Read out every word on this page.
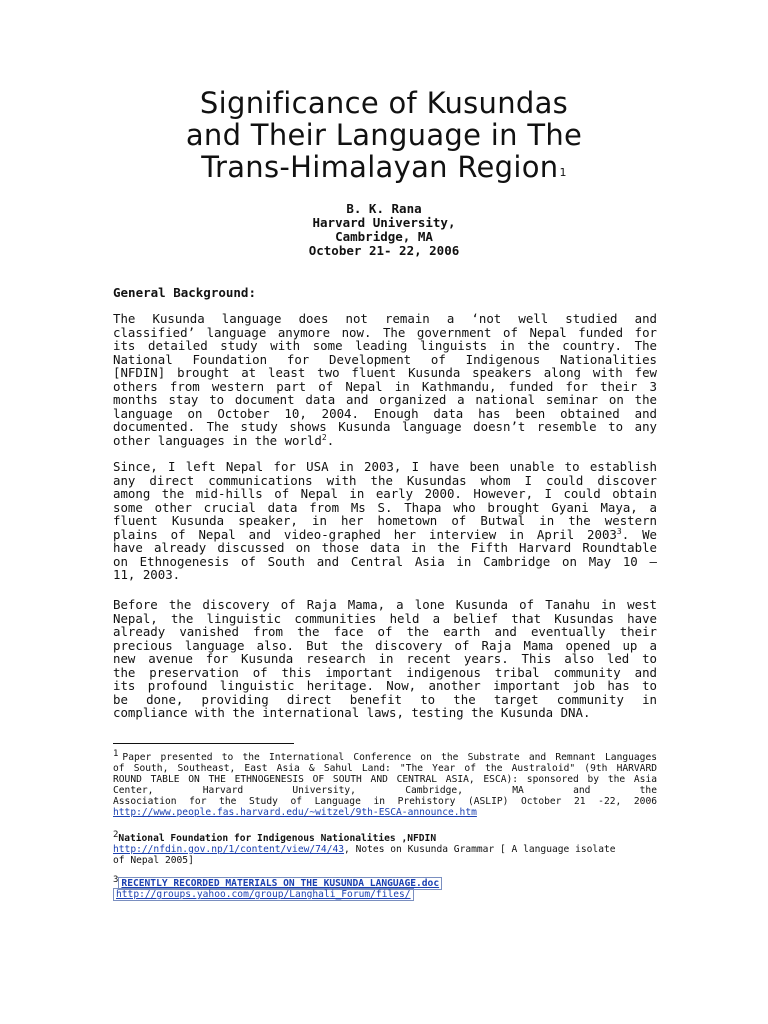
Significance of Kusundas
and Their Language in The
Trans-Himalayan Region$^1$
B. K. Rana
Harvard University,
Cambridge, MA
October 21- 22, 2006
General Background:
The Kusunda language does not remain a ‘not well studied and
classified’ language anymore now. The government of Nepal funded for
its detailed study with some leading linguists in the country. The
National Foundation for Development of Indigenous Nationalities
[NFDIN] brought at least two fluent Kusunda speakers along with few
others from western part of Nepal in Kathmandu, funded for their 3
months stay to document data and organized a national seminar on the
language on October 10, 2004. Enough data has been obtained and
documented. The study shows Kusunda language doesn’t resemble to any
other languages in the world$^2$.
Since, I left Nepal for USA in 2003, I have been unable to establish
any direct communications with the Kusundas whom I could discover
among the mid-hills of Nepal in early 2000. However, I could obtain
some other crucial data from Ms S. Thapa who brought Gyani Maya, a
fluent Kusunda speaker, in her hometown of Butwal in the western
plains of Nepal and video-graphed her interview in April 2003$^3$. We
have already discussed on those data in the Fifth Harvard Roundtable
on Ethnogenesis of South and Central Asia in Cambridge on May 10 –
11, 2003.
Before the discovery of Raja Mama, a lone Kusunda of Tanahu in west
Nepal, the linguistic communities held a belief that Kusundas have
already vanished from the face of the earth and eventually their
precious language also. But the discovery of Raja Mama opened up a
new avenue for Kusunda research in recent years. This also led to
the preservation of this important indigenous tribal community and
its profound linguistic heritage. Now, another important job has to
be done, providing direct benefit to the target community in
compliance with the international laws, testing the Kusunda DNA.
1 Paper presented to the International Conference on the Substrate and Remnant Languages
of South, Southeast, East Asia & Sahul Land: "The Year of the Australoid" (9th HARVARD
ROUND TABLE ON THE ETHNOGENESIS OF SOUTH AND CENTRAL ASIA, ESCA): sponsored by the Asia
Center, Harvard University, Cambridge, MA and the
Association for the Study of Language in Prehistory (ASLIP) October 21 -22, 2006
http://www.people.fas.harvard.edu/~witzel/9th-ESCA-announce.htm
2National Foundation for Indigenous Nationalities ,NFDIN
http://nfdin.gov.np/1/content/view/74/43, Notes on Kusunda Grammar [ A language isolate
of Nepal 2005]
3 RECENTLY RECORDED MATERIALS ON THE KUSUNDA LANGUAGE.doc
http://groups.yahoo.com/group/Langhali_Forum/files/
